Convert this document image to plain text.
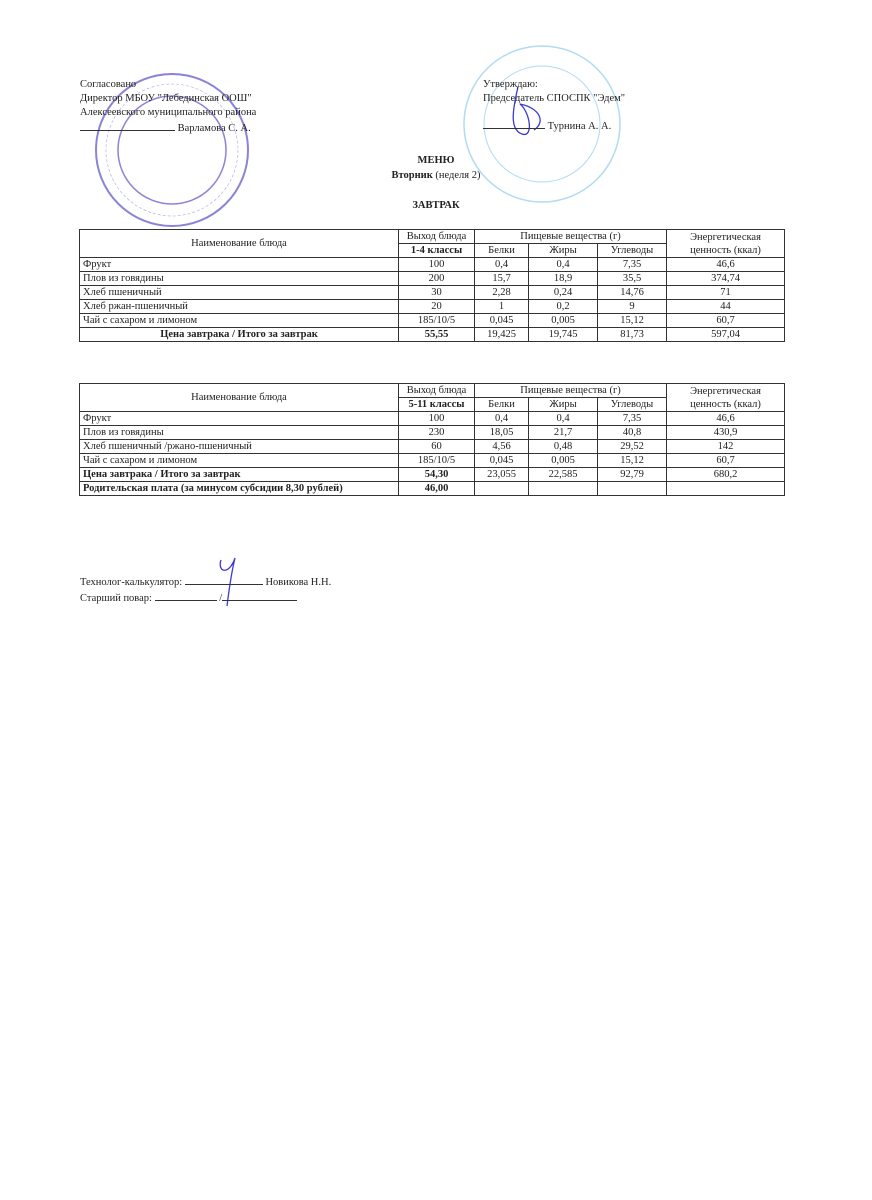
Согласовано
Директор МБОУ "Лебединская ООШ"
Алексеевского муниципального района
Варламова С. А.
Утверждаю:
Председатель СПОСПК "Эдем"
Турнина А. А.
МЕНЮ
Вторник (неделя 2)
ЗАВТРАК
Наименование блюда	Выход блюда	Пищевые вещества (г)			Энергетическая
ценность (ккал)
	1-4 классы	Белки	Жиры	Углеводы	
Фрукт	100	0,4	0,4	7,35	46,6
Плов из говядины	200	15,7	18,9	35,5	374,74
Хлеб пшеничный	30	2,28	0,24	14,76	71
Хлеб ржан-пшеничный	20	1	0,2	9	44
Чай с сахаром и лимоном	185/10/5	0,045	0,005	15,12	60,7
Цена завтрака / Итого за завтрак	55,55	19,425	19,745	81,73	597,04
Наименование блюда	Выход блюда	Пищевые вещества (г)			Энергетическая
ценность (ккал)
	5-11 классы	Белки	Жиры	Углеводы	
Фрукт	100	0,4	0,4	7,35	46,6
Плов из говядины	230	18,05	21,7	40,8	430,9
Хлеб пшеничный /ржано-пшеничный	60	4,56	0,48	29,52	142
Чай с сахаром и лимоном	185/10/5	0,045	0,005	15,12	60,7
Цена завтрака / Итого за завтрак	54,30	23,055	22,585	92,79	680,2
Родительская плата (за минусом субсидии 8,30 рублей)	46,00				
Технолог-калькулятор:	Новикова Н.Н.
Старший повар:	/
